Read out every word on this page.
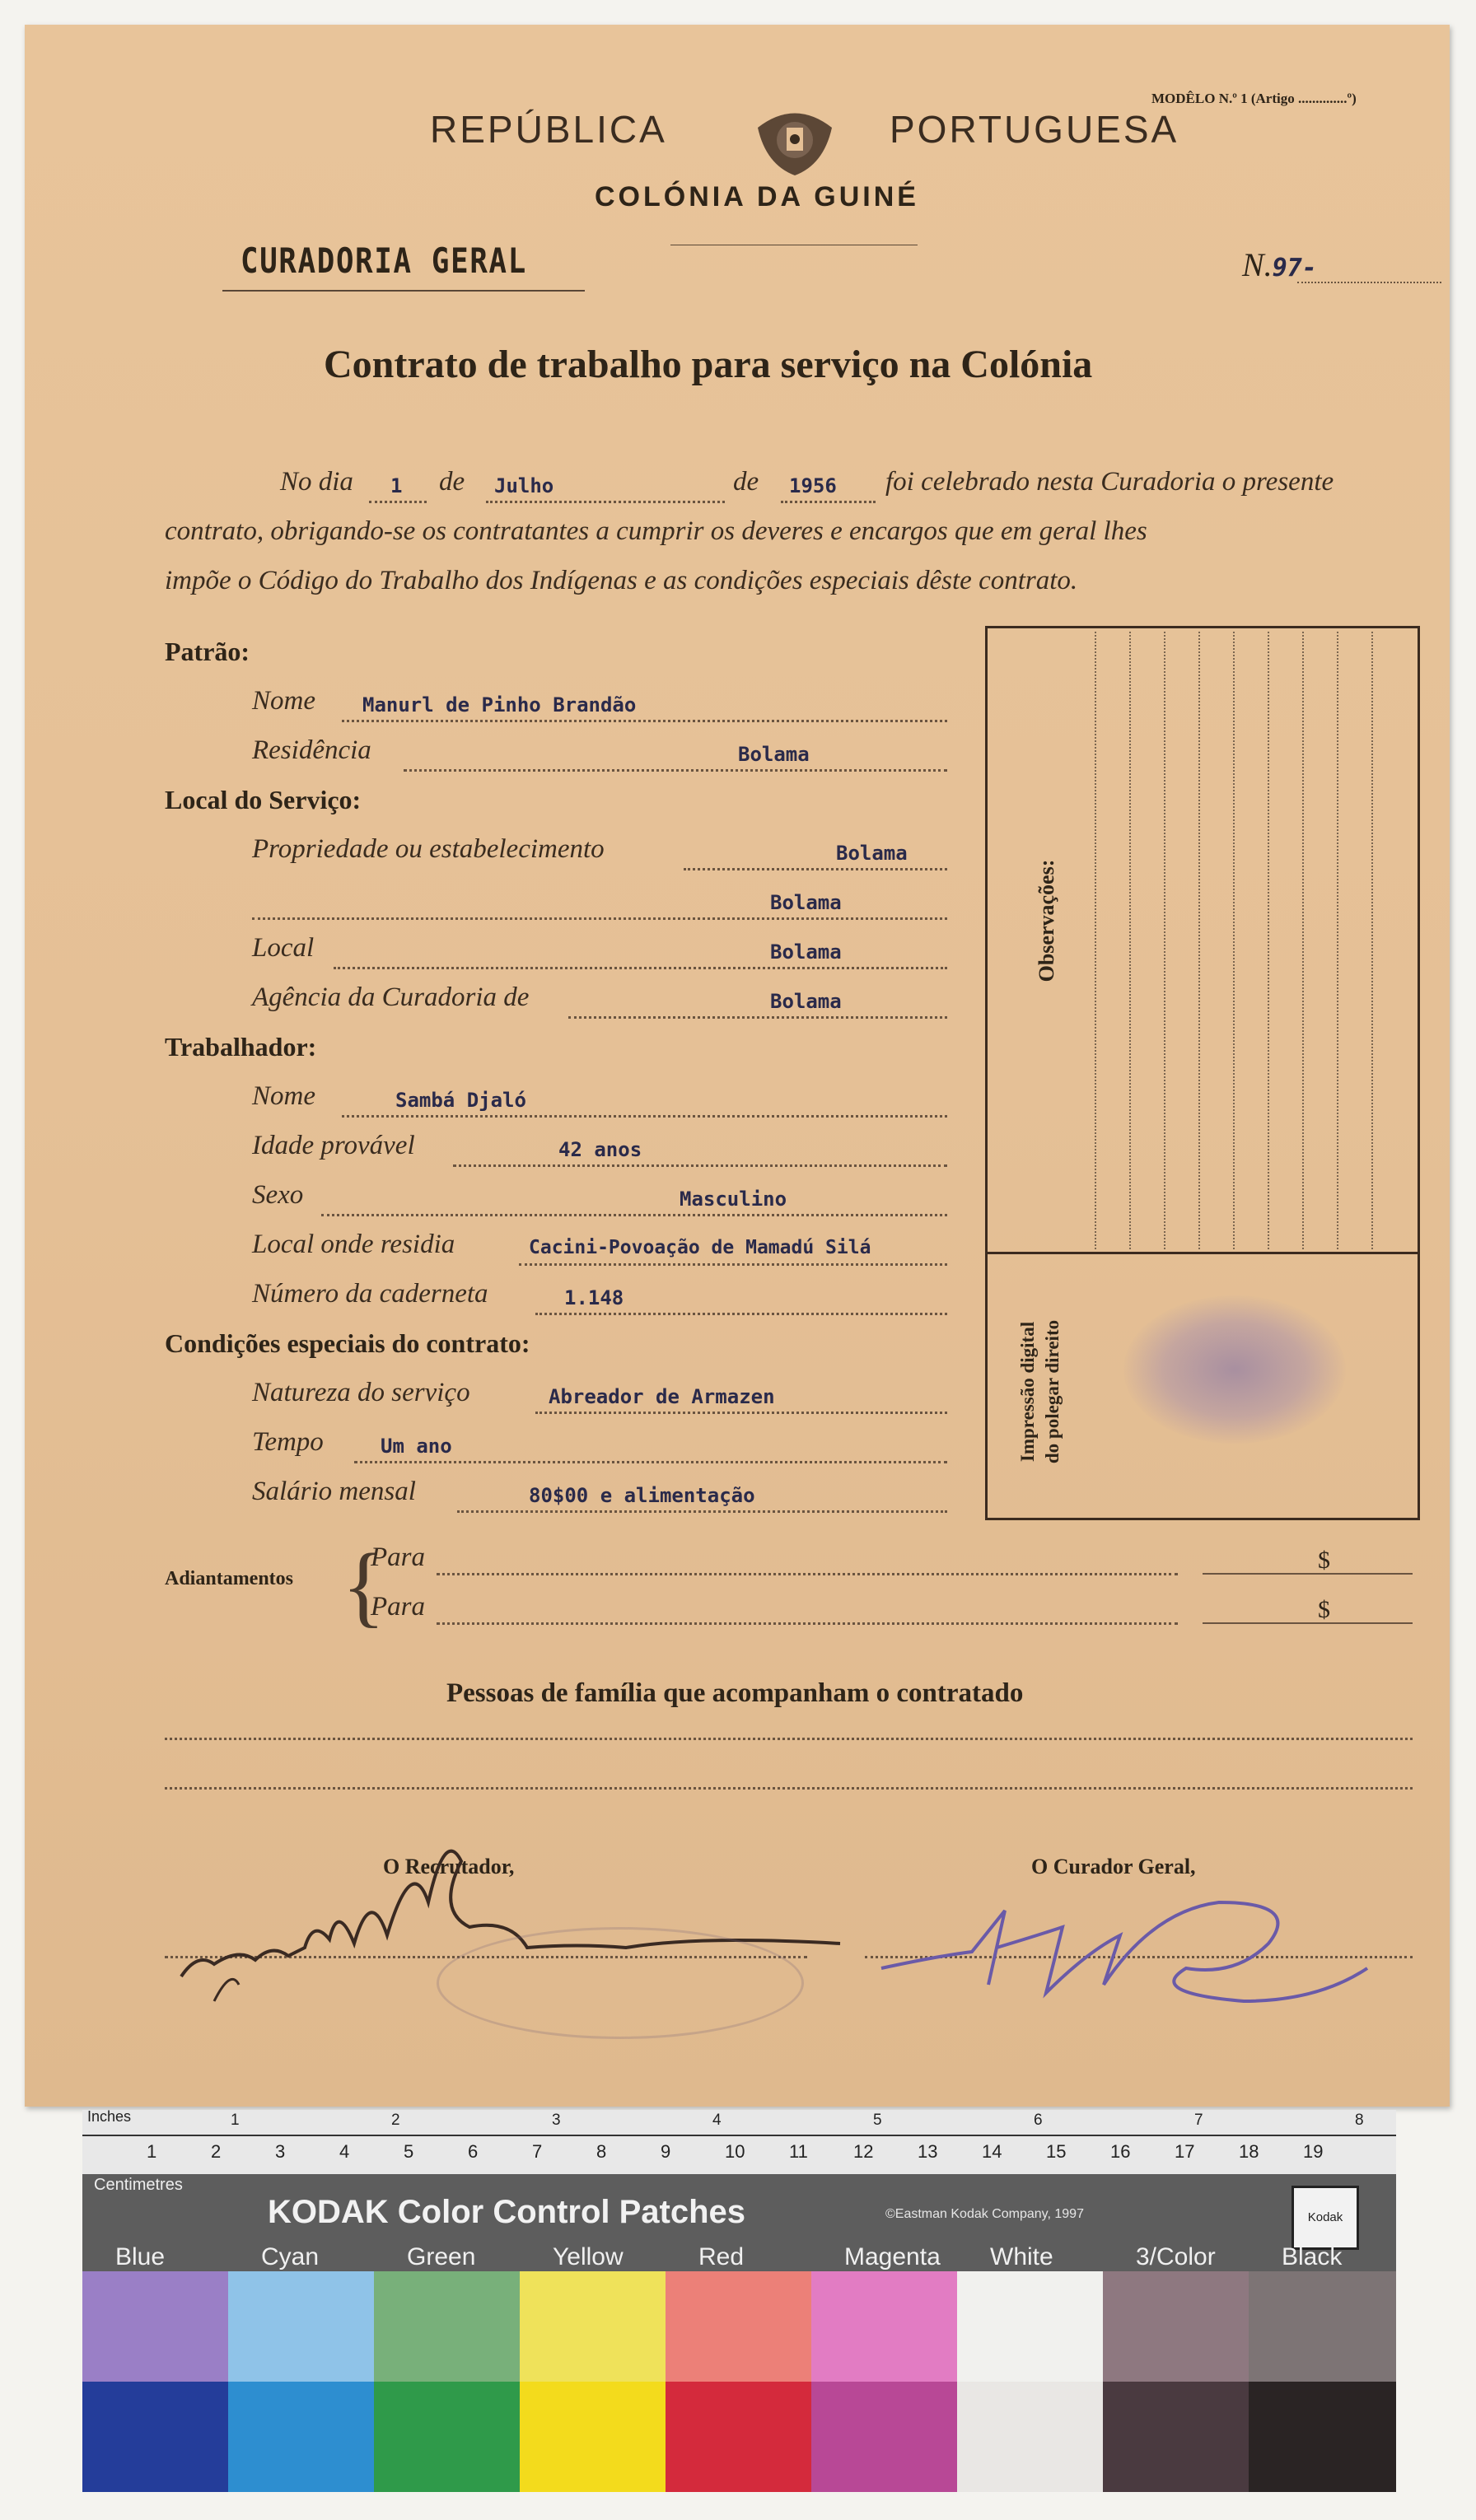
REPÚBLICA	PORTUGUESA
MODÊLO N.º 1 (Artigo ..............º)
COLÓNIA DA GUINÉ
CURADORIA GERAL	N.97-
Contrato de trabalho para serviço na Colónia
No dia 1 de Julho	de 1956 foi celebrado nesta Curadoria o presente
contrato, obrigando-se os contratantes a cumprir os deveres e encargos que em geral lhes
impõe o Código do Trabalho dos Indígenas e as condições especiais dêste contrato.
Patrão:
Nome Manurl de Pinho Brandão
Residência	Bolama
Local do Serviço:
Propriedade ou estabelecimento	Bolama
Bolama
Local	Bolama
Agência da Curadoria de	Bolama
Trabalhador:
Nome	Sambá Djaló
Idade provável	42 anos
Sexo	Masculino
Local onde residia	Cacini-Povoação de Mamadú Silá
Número da caderneta	1.148
Condições especiais do contrato:
Natureza do serviço	Abreador de Armazen
Tempo	Um ano
Salário mensal	80$00 e alimentação
Observações:
Impressão digital do polegar direito
Adiantamentos {
Para	$
Para	$
Pessoas de família que acompanham o contratado
O Recrutador,	O Curador Geral,
Inches	1	2	3	4	5	6	7	8
1	2	3	4	5	6	7	8	9	10 11	12 13 14 15 16 17 18 19
Centimetres
KODAK Color Control Patches	©Eastman Kodak Company, 1997	Kodak
Blue	Cyan	Green	Yellow	Red	Magenta White	3/Color	Black
